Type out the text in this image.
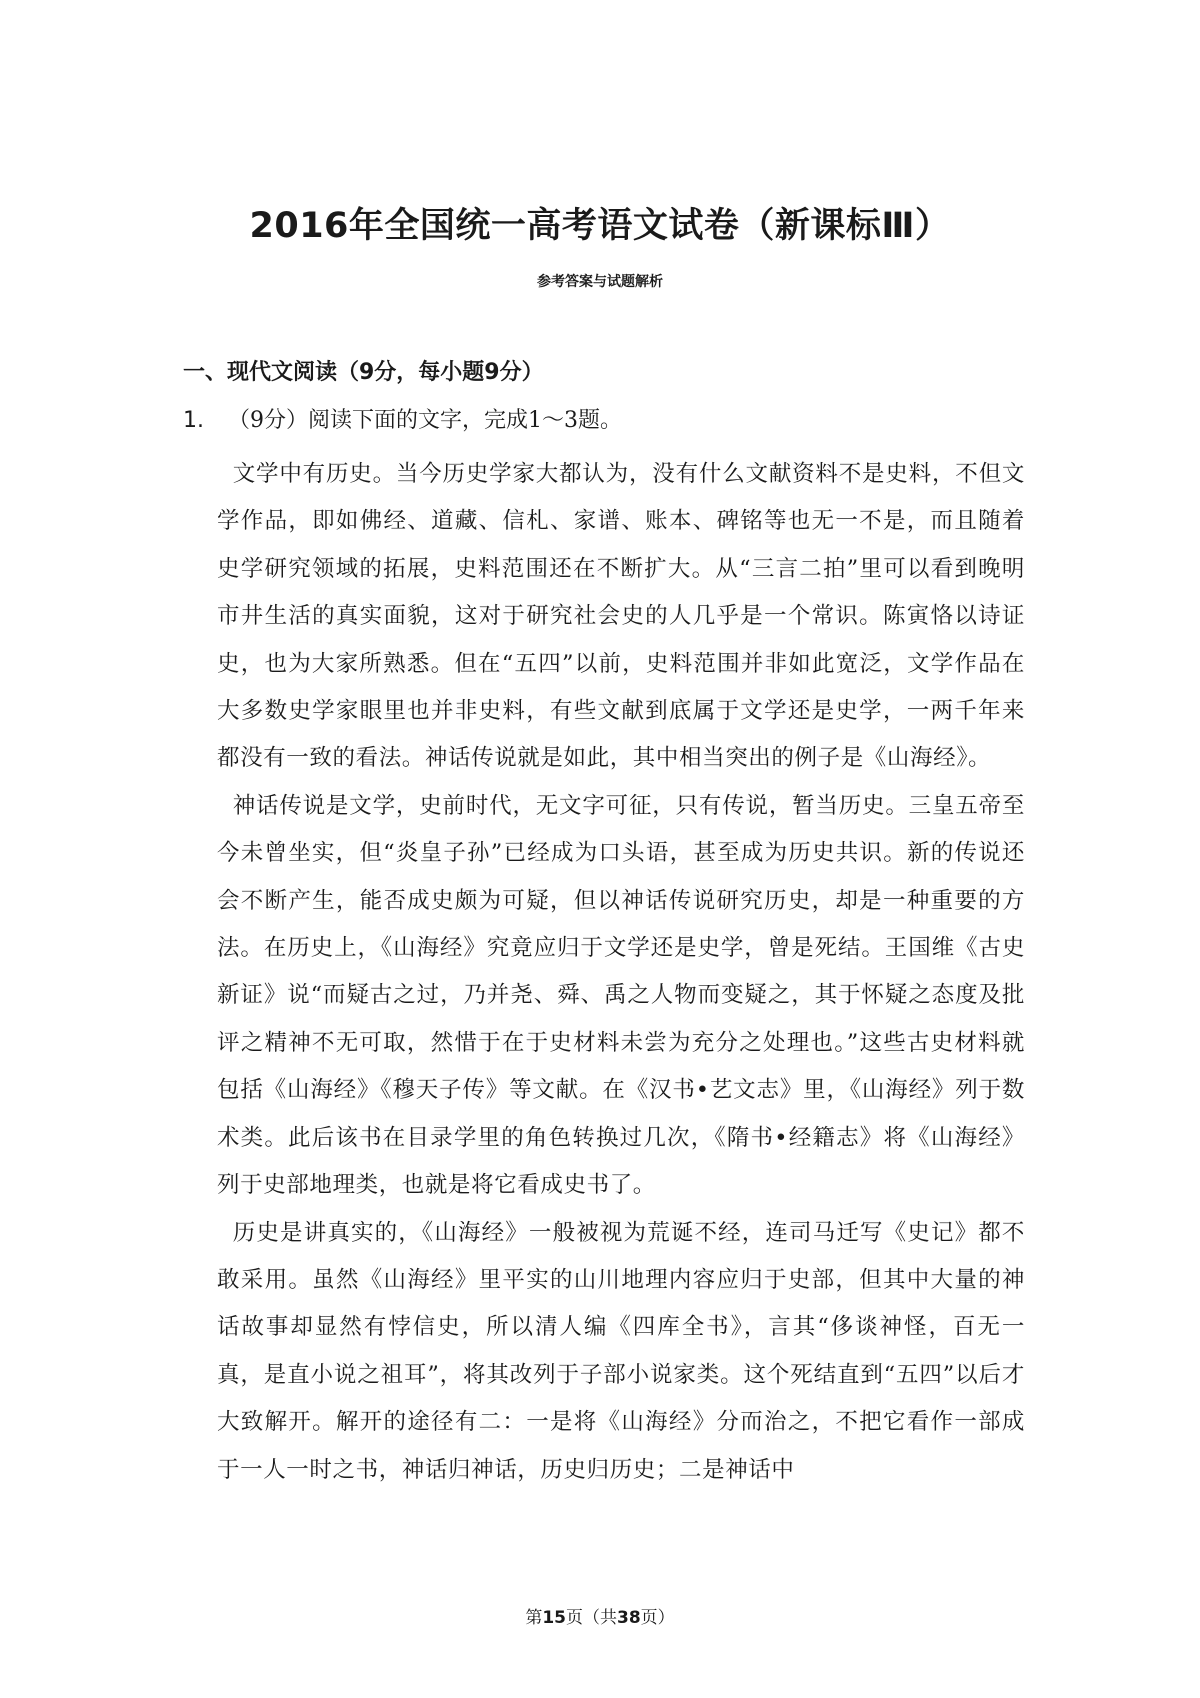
2016年全国统一高考语文试卷（新课标Ⅲ）
参考答案与试题解析
一、现代文阅读（9分，每小题9分）
1. （9分）阅读下面的文字，完成1～3题。

文学中有历史。当今历史学家大都认为，没有什么文献资料不是史料，不但文学作品，即如佛经、道藏、信札、家谱、账本、碑铭等也无一不是，而且随着史学研究领域的拓展，史料范围还在不断扩大。从“三言二拍”里可以看到晚明市井生活的真实面貌，这对于研究社会史的人几乎是一个常识。陈寅恪以诗证史，也为大家所熟悉。但在“五四”以前，史料范围并非如此宽泛，文学作品在大多数史学家眼里也并非史料，有些文献到底属于文学还是史学，一两千年来都没有一致的看法。神话传说就是如此，其中相当突出的例子是《山海经》。

神话传说是文学，史前时代，无文字可征，只有传说，暂当历史。三皇五帝至今未曾坐实，但“炎皇子孙”已经成为口头语，甚至成为历史共识。新的传说还会不断产生，能否成史颇为可疑，但以神话传说研究历史，却是一种重要的方法。在历史上，《山海经》究竟应归于文学还是史学，曾是死结。王国维《古史新证》说“而疑古之过，乃并尧、舜、禹之人物而变疑之，其于怀疑之态度及批评之精神不无可取，然惜于在于史材料未尝为充分之处理也。”这些古史材料就包括《山海经》《穆天子传》等文献。在《汉书•艺文志》里，《山海经》列于数术类。此后该书在目录学里的角色转换过几次，《隋书•经籍志》将《山海经》列于史部地理类，也就是将它看成史书了。

历史是讲真实的，《山海经》一般被视为荒诞不经，连司马迁写《史记》都不敢采用。虽然《山海经》里平实的山川地理内容应归于史部，但其中大量的神话故事却显然有悖信史，所以清人编《四库全书》，言其“侈谈神怪，百无一真，是直小说之祖耳”，将其改列于子部小说家类。这个死结直到“五四”以后才大致解开。解开的途径有二：一是将《山海经》分而治之，不把它看作一部成于一人一时之书，神话归神话，历史归历史；二是神话中

第15页（共38页）
